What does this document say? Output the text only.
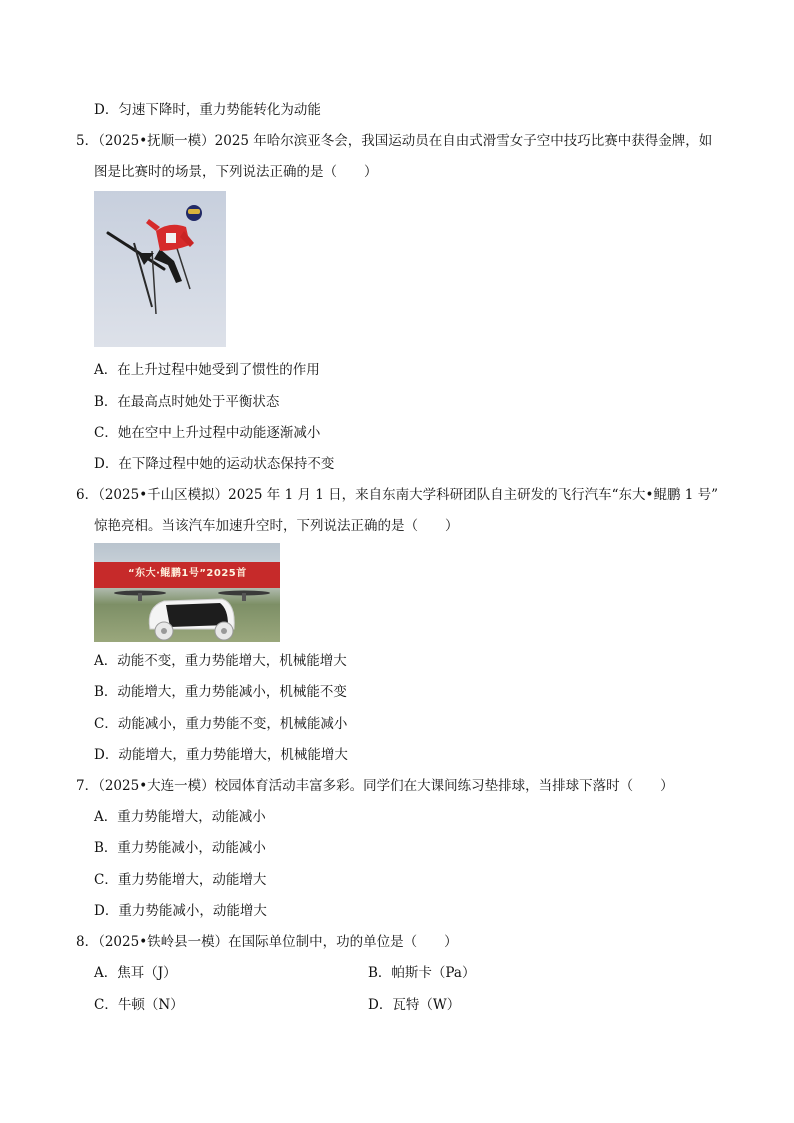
D．匀速下降时，重力势能转化为动能
5．（2025•抚顺一模）2025 年哈尔滨亚冬会，我国运动员在自由式滑雪女子空中技巧比赛中获得金牌，如
图是比赛时的场景，下列说法正确的是（　　）
A．在上升过程中她受到了惯性的作用
B．在最高点时她处于平衡状态
C．她在空中上升过程中动能逐渐减小
D．在下降过程中她的运动状态保持不变
6．（2025•千山区模拟）2025 年 1 月 1 日，来自东南大学科研团队自主研发的飞行汽车“东大•鲲鹏 1 号”
惊艳亮相。当该汽车加速升空时，下列说法正确的是（　　）
“东大·鲲鹏1号”2025首
A．动能不变，重力势能增大，机械能增大
B．动能增大，重力势能减小，机械能不变
C．动能减小，重力势能不变，机械能减小
D．动能增大，重力势能增大，机械能增大
7．（2025•大连一模）校园体育活动丰富多彩。同学们在大课间练习垫排球，当排球下落时（　　）
A．重力势能增大，动能减小
B．重力势能减小，动能减小
C．重力势能增大，动能增大
D．重力势能减小，动能增大
8．（2025•铁岭县一模）在国际单位制中，功的单位是（　　）
A．焦耳（J）	B．帕斯卡（Pa）
C．牛顿（N）	D．瓦特（W）
